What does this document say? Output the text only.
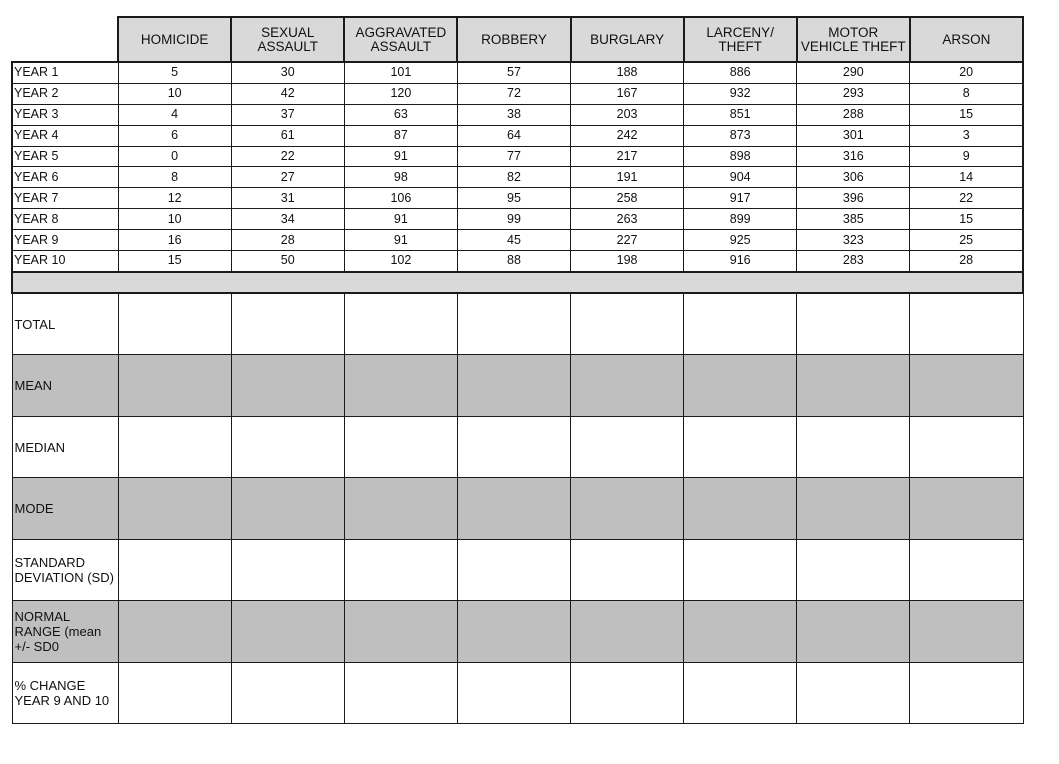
	HOMICIDE	SEXUAL ASSAULT	AGGRAVATED ASSAULT	ROBBERY	BURGLARY	LARCENY/ THEFT	MOTOR VEHICLE THEFT	ARSON
YEAR 1	5	30	101	57	188	886	290	20
YEAR 2	10	42	120	72	167	932	293	8
YEAR 3	4	37	63	38	203	851	288	15
YEAR 4	6	61	87	64	242	873	301	3
YEAR 5	0	22	91	77	217	898	316	9
YEAR 6	8	27	98	82	191	904	306	14
YEAR 7	12	31	106	95	258	917	396	22
YEAR 8	10	34	91	99	263	899	385	15
YEAR 9	16	28	91	45	227	925	323	25
YEAR 10	15	50	102	88	198	916	283	28

TOTAL								
MEAN								
MEDIAN								
MODE								
STANDARD DEVIATION (SD)								
NORMAL RANGE (mean +/- SD0								
% CHANGE YEAR 9 AND 10								
